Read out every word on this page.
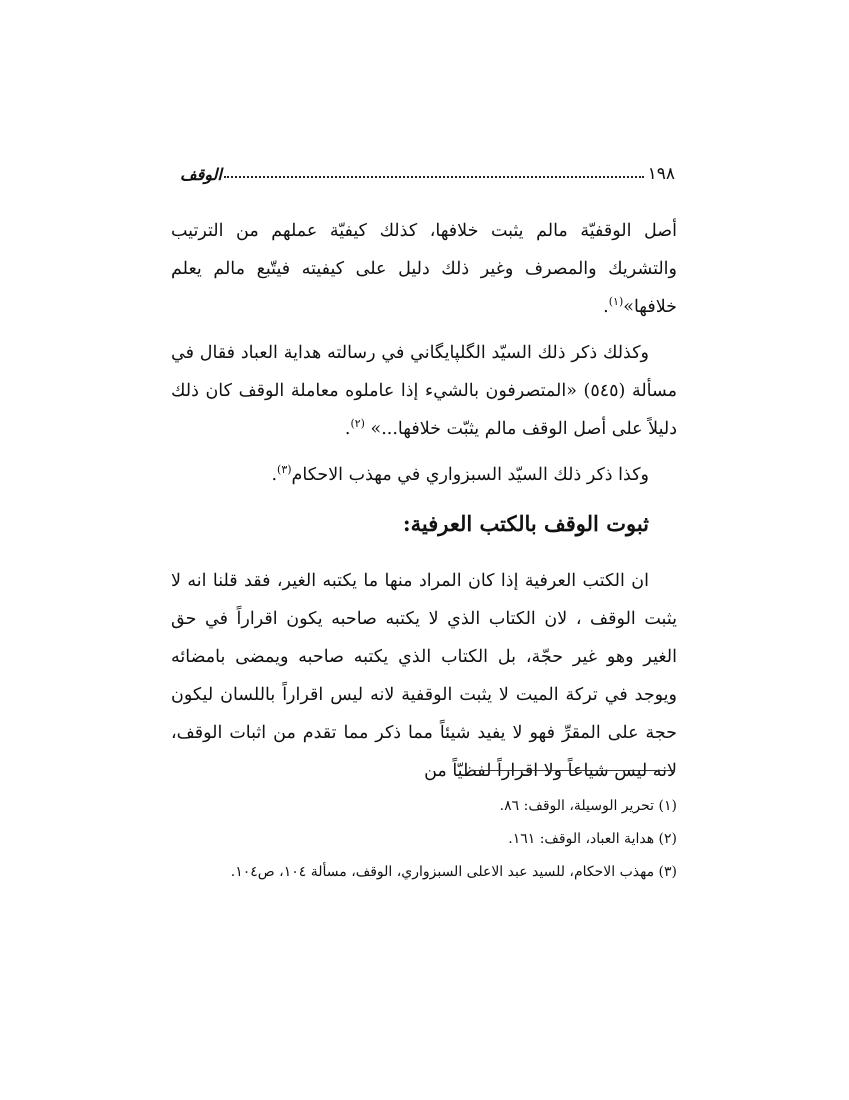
١٩٨
الوقف

أصل الوقفيّة مالم يثبت خلافها، كذلك كيفيّة عملهم من الترتيب والتشريك والمصرف وغير ذلك دليل على كيفيته فيتّبع مالم يعلم خلافها»$^{(١)}$.

وكذلك ذكر ذلك السيّد الگلپايگاني في رسالته هداية العباد فقال في مسألة (٥٤٥) «المتصرفون بالشيء إذا عاملوه معاملة الوقف كان ذلك دليلاً على أصل الوقف مالم يثبّت خلافها...» $^{(٢)}$.

وكذا ذكر ذلك السيّد السبزواري في مهذب الاحكام$^{(٣)}$.

ثبوت الوقف بالكتب العرفية:

ان الكتب العرفية إذا كان المراد منها ما يكتبه الغير، فقد قلنا انه لا يثبت الوقف ، لان الكتاب الذي لا يكتبه صاحبه يكون اقراراً في حق الغير وهو غير حجّة، بل الكتاب الذي يكتبه صاحبه ويمضى بامضائه ويوجد في تركة الميت لا يثبت الوقفية لانه ليس اقراراً باللسان ليكون حجة على المقرِّ فهو لا يفيد شيئاً مما ذكر مما تقدم من اثبات الوقف، لانه ليس شياعاً ولا اقراراً لفظيّاً من

(١) تحرير الوسيلة، الوقف: ٨٦.

(٢) هداية العباد، الوقف: ١٦١.

(٣) مهذب الاحكام، للسيد عبد الاعلى السبزواري، الوقف، مسألة ١٠٤، ص١٠٤.
